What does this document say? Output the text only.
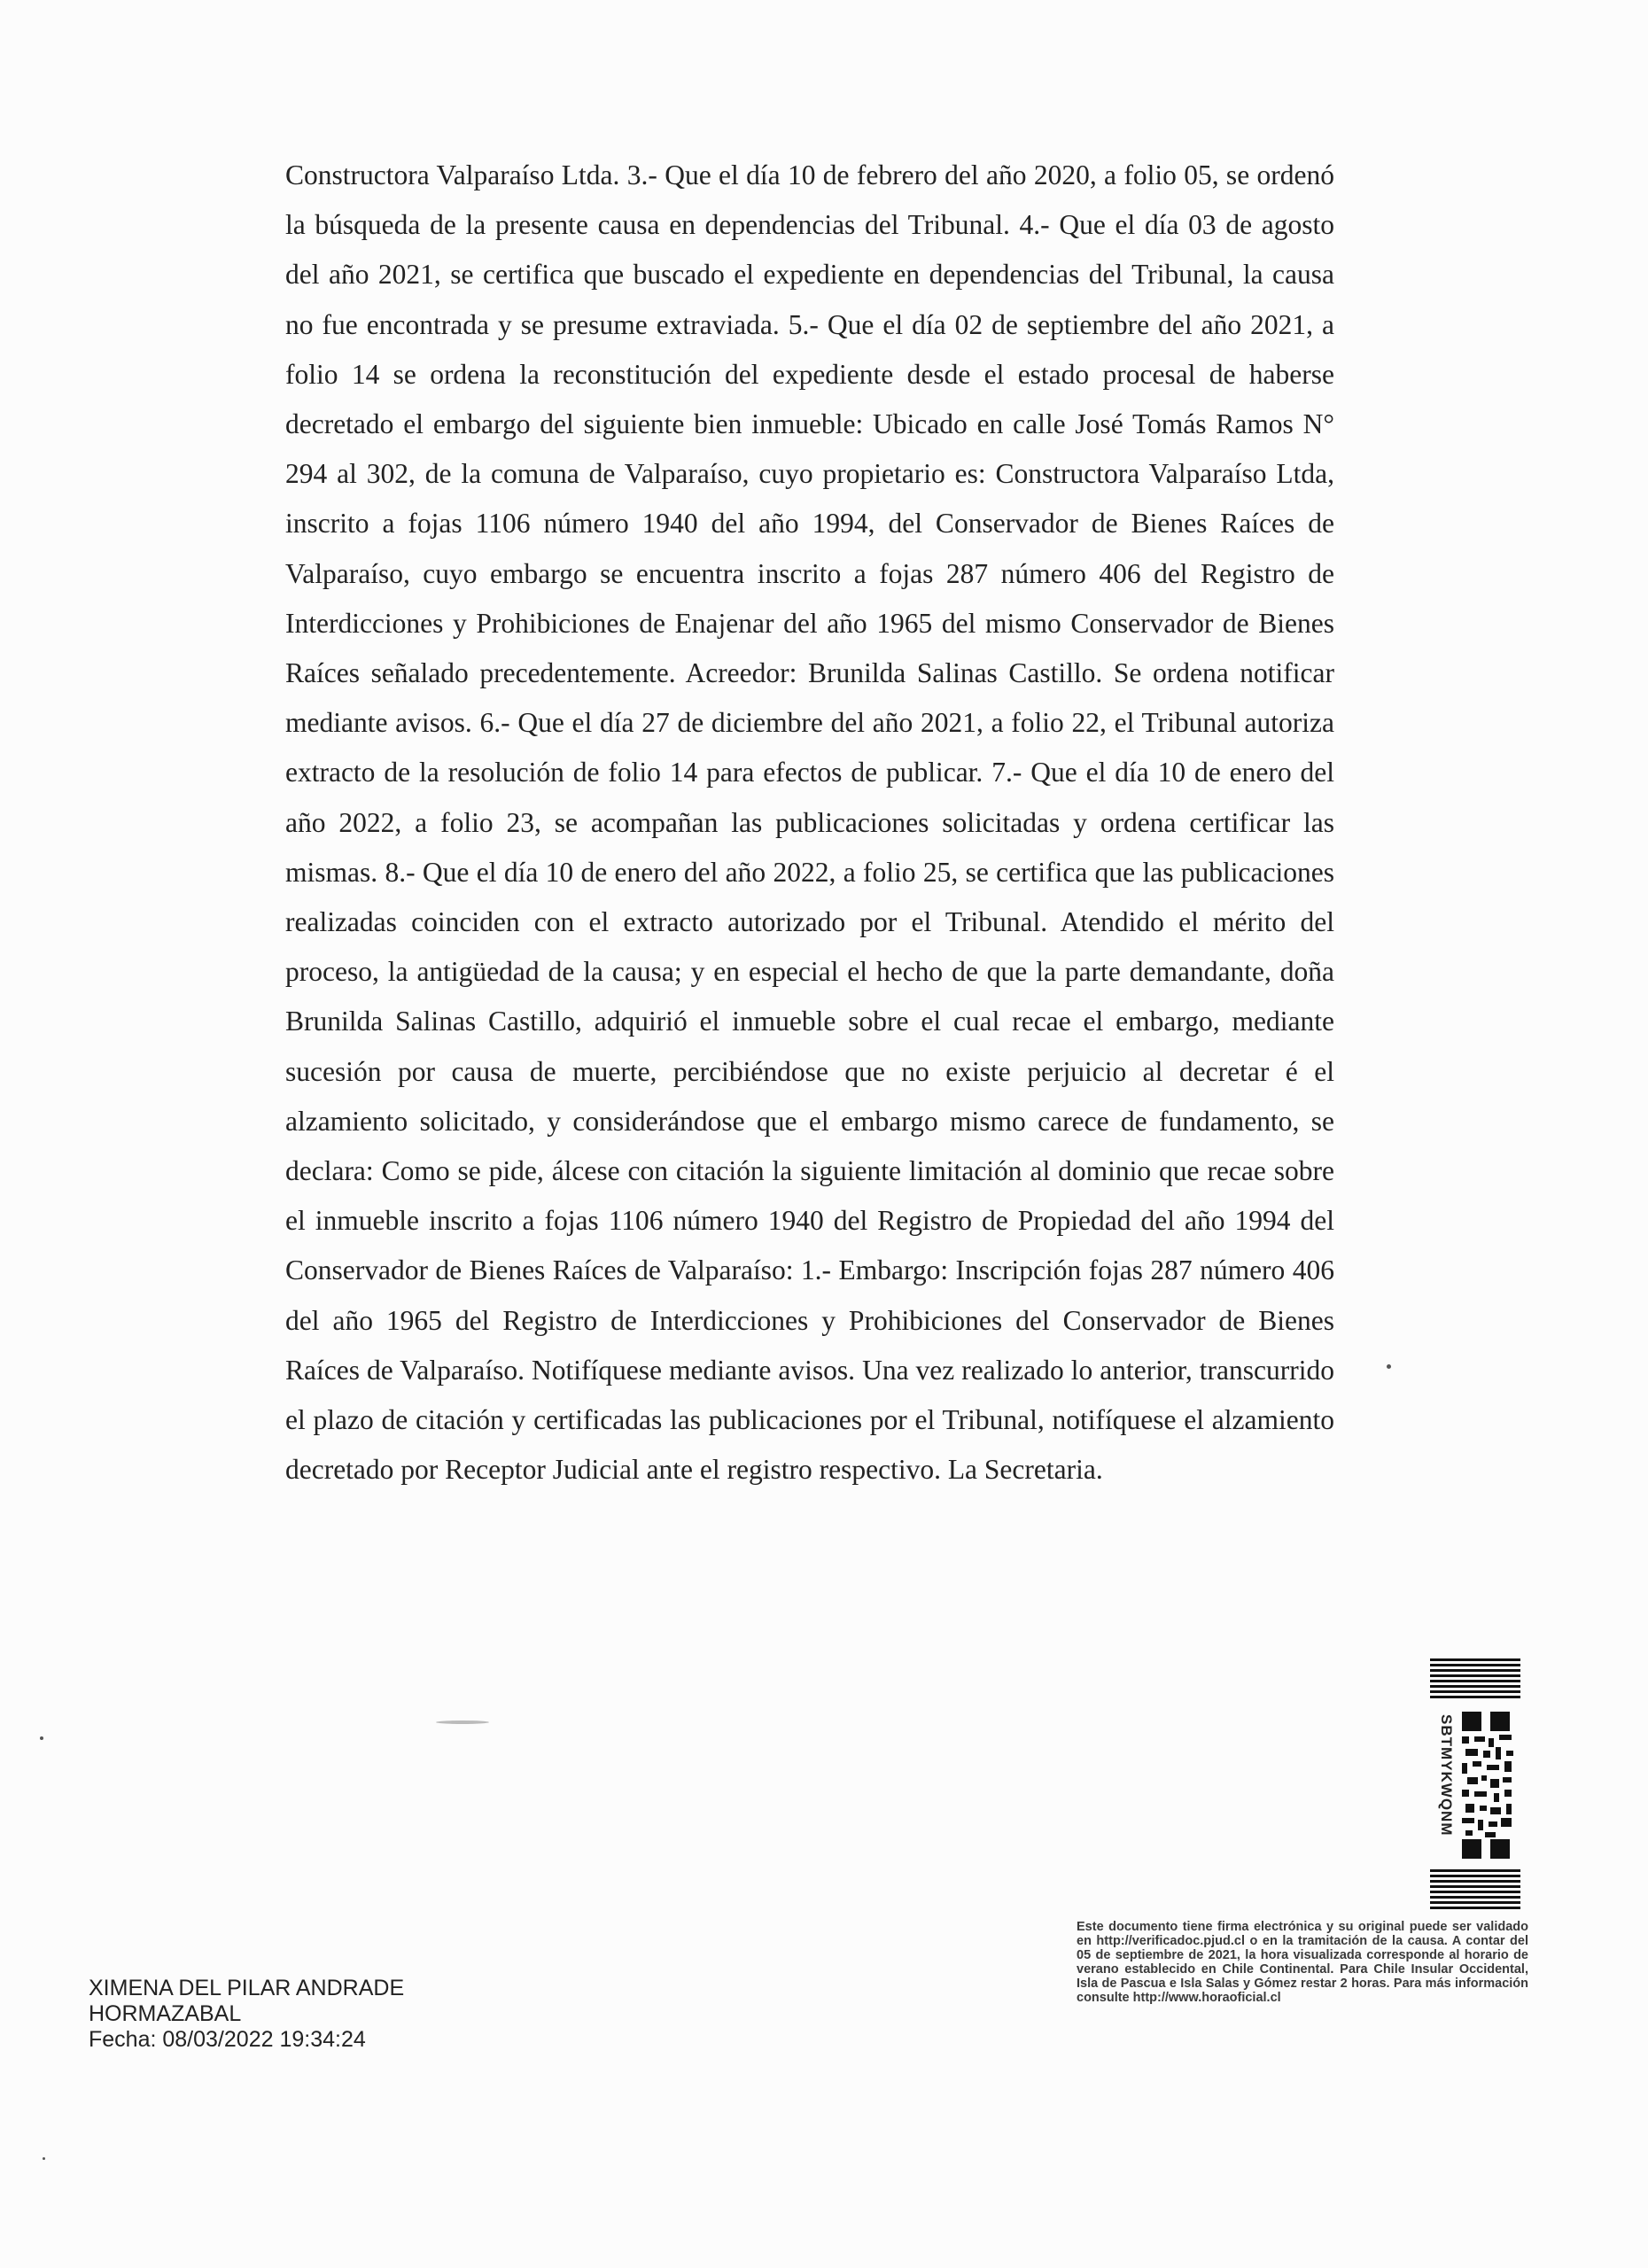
Constructora Valparaíso Ltda. 3.- Que el día 10 de febrero del año 2020, a folio 05, se ordenó la búsqueda de la presente causa en dependencias del Tribunal. 4.- Que el día 03 de agosto del año 2021, se certifica que buscado el expediente en dependencias del Tribunal, la causa no fue encontrada y se presume extraviada. 5.- Que el día 02 de septiembre del año 2021, a folio 14 se ordena la reconstitución del expediente desde el estado procesal de haberse decretado el embargo del siguiente bien inmueble: Ubicado en calle José Tomás Ramos N° 294 al 302, de la comuna de Valparaíso, cuyo propietario es: Constructora Valparaíso Ltda, inscrito a fojas 1106 número 1940 del año 1994, del Conservador de Bienes Raíces de Valparaíso, cuyo embargo se encuentra inscrito a fojas 287 número 406 del Registro de Interdicciones y Prohibiciones de Enajenar del año 1965 del mismo Conservador de Bienes Raíces señalado precedentemente. Acreedor: Brunilda Salinas Castillo. Se ordena notificar mediante avisos. 6.- Que el día 27 de diciembre del año 2021, a folio 22, el Tribunal autoriza extracto de la resolución de folio 14 para efectos de publicar. 7.- Que el día 10 de enero del año 2022, a folio 23, se acompañan las publicaciones solicitadas y ordena certificar las mismas. 8.- Que el día 10 de enero del año 2022, a folio 25, se certifica que las publicaciones realizadas coinciden con el extracto autorizado por el Tribunal. Atendido el mérito del proceso, la antigüedad de la causa; y en especial el hecho de que la parte demandante, doña Brunilda Salinas Castillo, adquirió el inmueble sobre el cual recae el embargo, mediante sucesión por causa de muerte, percibiéndose que no existe perjuicio al decretar é el alzamiento solicitado, y considerándose que el embargo mismo carece de fundamento, se declara: Como se pide, álcese con citación la siguiente limitación al dominio que recae sobre el inmueble inscrito a fojas 1106 número 1940 del Registro de Propiedad del año 1994 del Conservador de Bienes Raíces de Valparaíso: 1.- Embargo: Inscripción fojas 287 número 406 del año 1965 del Registro de Interdicciones y Prohibiciones del Conservador de Bienes Raíces de Valparaíso. Notifíquese mediante avisos. Una vez realizado lo anterior, transcurrido el plazo de citación y certificadas las publicaciones por el Tribunal, notifíquese el alzamiento decretado por Receptor Judicial ante el registro respectivo. La Secretaria.

XIMENA DEL PILAR ANDRADE
HORMAZABAL
Fecha: 08/03/2022 19:34:24
SBTMYKWQNM
Este documento tiene firma electrónica y su original puede ser validado en http://verificadoc.pjud.cl o en la tramitación de la causa. A contar del 05 de septiembre de 2021, la hora visualizada corresponde al horario de verano establecido en Chile Continental. Para Chile Insular Occidental, Isla de Pascua e Isla Salas y Gómez restar 2 horas. Para más información consulte http://www.horaoficial.cl
